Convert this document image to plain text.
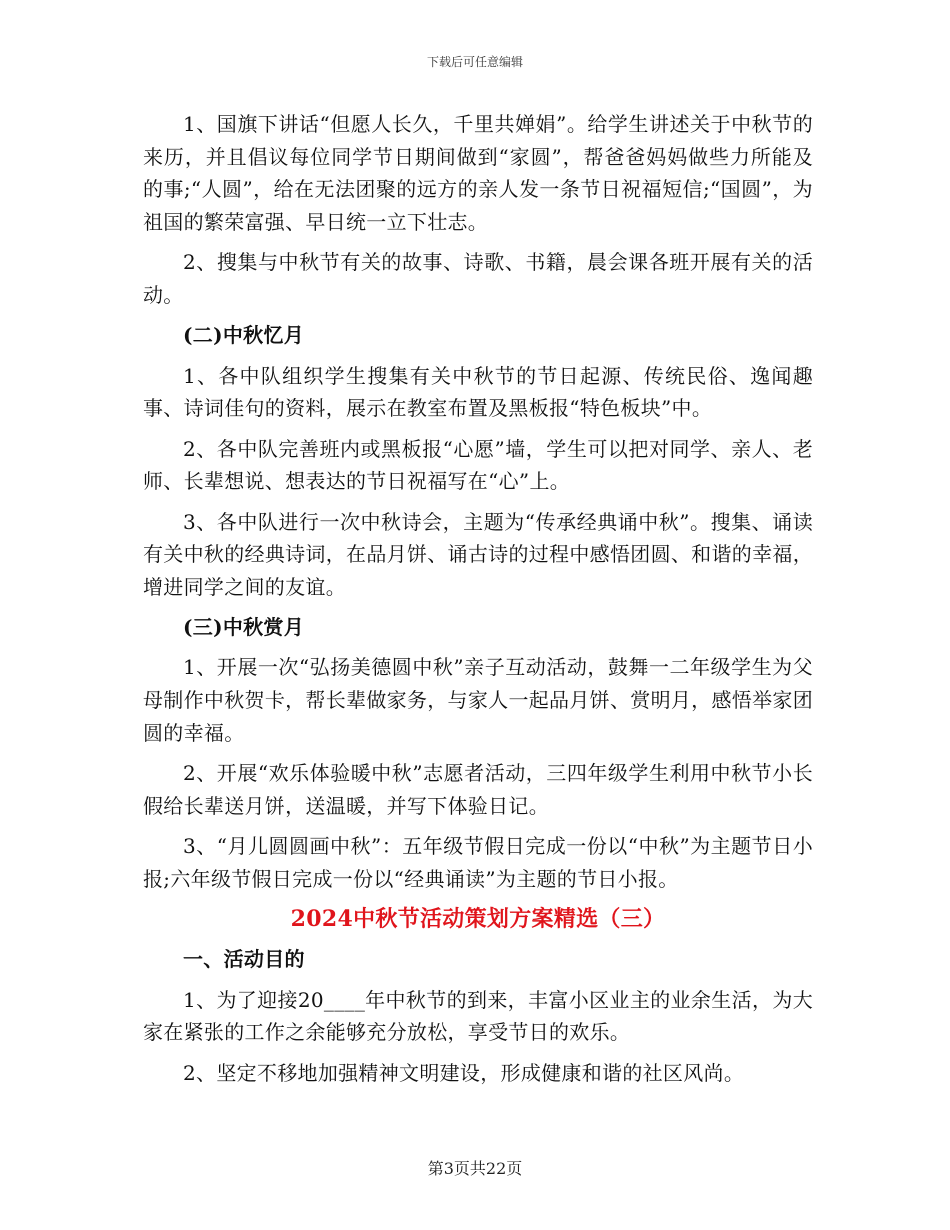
下载后可任意编辑

1、国旗下讲话“但愿人长久，千里共婵娟”。给学生讲述关于中秋节的来历，并且倡议每位同学节日期间做到“家圆”，帮爸爸妈妈做些力所能及的事;“人圆”，给在无法团聚的远方的亲人发一条节日祝福短信;“国圆”，为祖国的繁荣富强、早日统一立下壮志。

2、搜集与中秋节有关的故事、诗歌、书籍，晨会课各班开展有关的活动。

(二)中秋忆月

1、各中队组织学生搜集有关中秋节的节日起源、传统民俗、逸闻趣事、诗词佳句的资料，展示在教室布置及黑板报“特色板块”中。

2、各中队完善班内或黑板报“心愿”墙，学生可以把对同学、亲人、老师、长辈想说、想表达的节日祝福写在“心”上。

3、各中队进行一次中秋诗会，主题为“传承经典诵中秋”。搜集、诵读有关中秋的经典诗词，在品月饼、诵古诗的过程中感悟团圆、和谐的幸福，增进同学之间的友谊。

(三)中秋赏月

1、开展一次“弘扬美德圆中秋”亲子互动活动，鼓舞一二年级学生为父母制作中秋贺卡，帮长辈做家务，与家人一起品月饼、赏明月，感悟举家团圆的幸福。

2、开展“欢乐体验暖中秋”志愿者活动，三四年级学生利用中秋节小长假给长辈送月饼，送温暖，并写下体验日记。

3、“月儿圆圆画中秋”：五年级节假日完成一份以“中秋”为主题节日小报;六年级节假日完成一份以“经典诵读”为主题的节日小报。

2024中秋节活动策划方案精选（三）

一、活动目的

1、为了迎接20____年中秋节的到来，丰富小区业主的业余生活，为大家在紧张的工作之余能够充分放松，享受节日的欢乐。

2、坚定不移地加强精神文明建设，形成健康和谐的社区风尚。

第3页共22页
